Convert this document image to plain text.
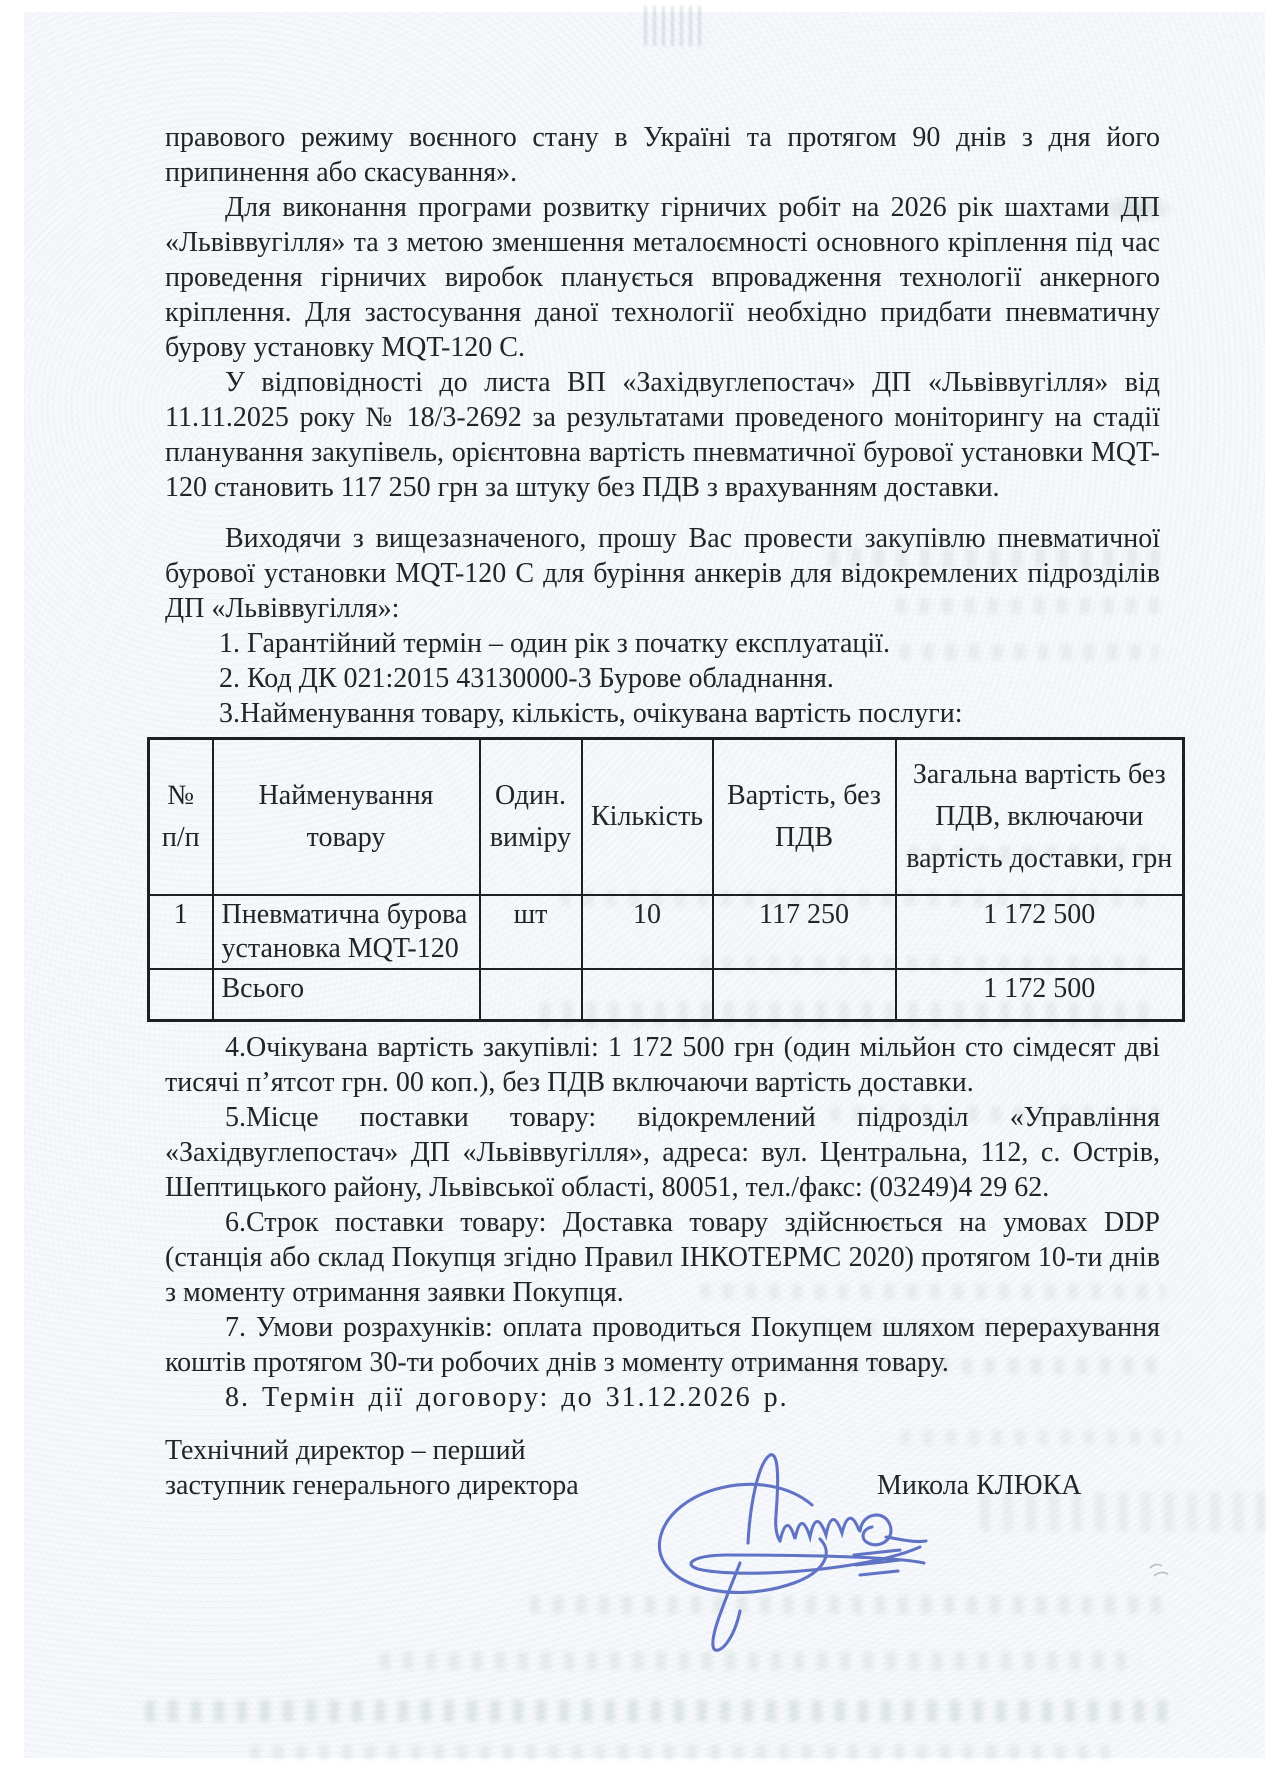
правового режиму воєнного стану в Україні та протягом 90 днів з дня його припинення або скасування».

Для виконання програми розвитку гірничих робіт на 2026 рік шахтами ДП «Львіввугілля» та з метою зменшення металоємності основного кріплення під час проведення гірничих виробок планується впровадження технології анкерного кріплення. Для застосування даної технології необхідно придбати пневматичну бурову установку MQT-120 С.

У відповідності до листа ВП «Західвуглепостач» ДП «Львіввугілля» від 11.11.2025 року № 18/3-2692 за результатами проведеного моніторингу на стадії планування закупівель, орієнтовна вартість пневматичної бурової установки MQT-120 становить 117 250 грн за штуку без ПДВ з врахуванням доставки.

Виходячи з вищезазначеного, прошу Вас провести закупівлю пневматичної бурової установки MQT-120 С для буріння анкерів для відокремлених підрозділів ДП «Львіввугілля»:

1. Гарантійний термін – один рік з початку експлуатації.
2. Код ДК 021:2015 43130000-3 Бурове обладнання.
3.Найменування товару, кількість, очікувана вартість послуги:
№ п/п	Найменування товару	Один. виміру	Кількість	Вартість, без ПДВ	Загальна вартість без ПДВ, включаючи вартість доставки, грн
1	Пневматична бурова установка MQT-120	шт	10	117 250	1 172 500
	Всього				1 172 500

4.Очікувана вартість закупівлі: 1 172 500 грн (один мільйон сто сімдесят дві тисячі п’ятсот грн. 00 коп.), без ПДВ включаючи вартість доставки.

5.Місце поставки товару: відокремлений підрозділ «Управління «Західвуглепостач» ДП «Львіввугілля», адреса: вул. Центральна, 112, с. Острів, Шептицького району, Львівської області, 80051, тел./факс: (03249)4 29 62.

6.Строк поставки товару: Доставка товару здійснюється на умовах DDP (станція або склад Покупця згідно Правил ІНКОТЕРМС 2020) протягом 10-ти днів з моменту отримання заявки Покупця.

7. Умови розрахунків: оплата проводиться Покупцем шляхом перерахування коштів протягом 30-ти робочих днів з моменту отримання товару.

8. Термін дії договору: до 31.12.2026 р.

Технічний директор – перший
заступник генерального директора	Микола КЛЮКА
